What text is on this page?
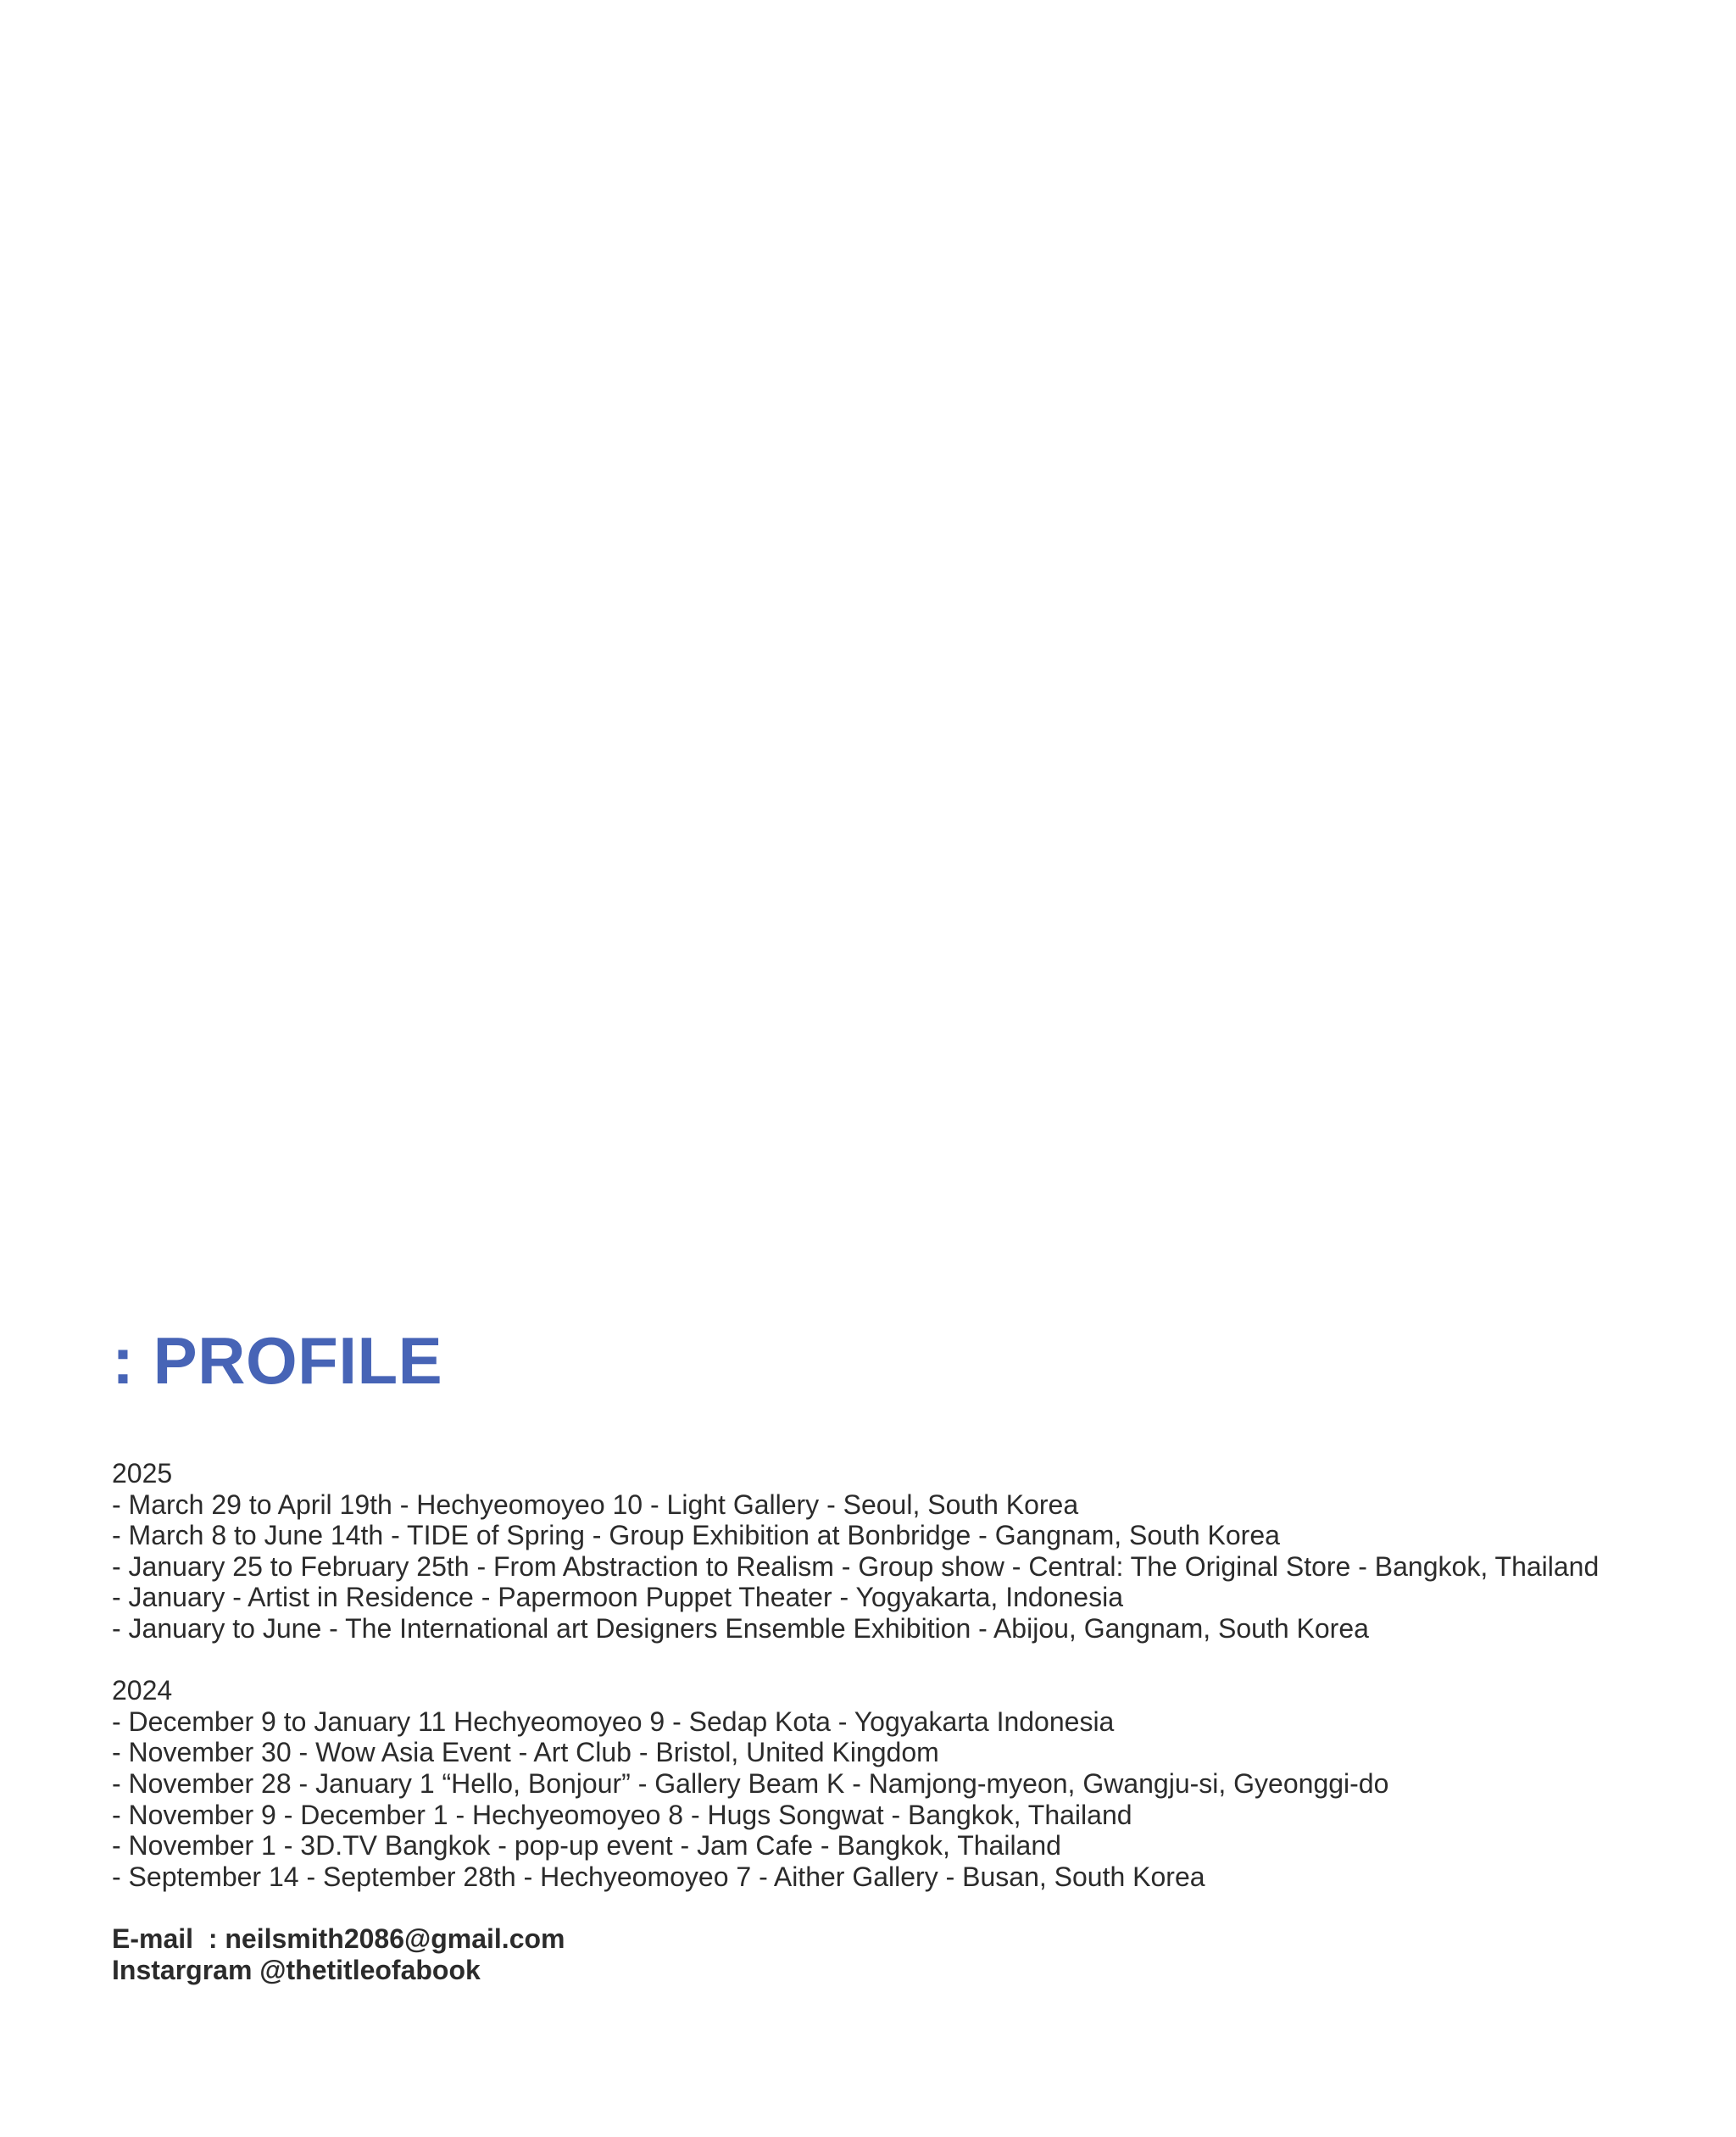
: PROFILE
2025
- March 29 to April 19th - Hechyeomoyeo 10 - Light Gallery - Seoul, South Korea
- March 8 to June 14th - TIDE of Spring - Group Exhibition at Bonbridge - Gangnam, South Korea
- January 25 to February 25th - From Abstraction to Realism - Group show - Central: The Original Store - Bangkok, Thailand
- January - Artist in Residence - Papermoon Puppet Theater - Yogyakarta, Indonesia
- January to June - The International art Designers Ensemble Exhibition - Abijou, Gangnam, South Korea
2024
- December 9 to January 11 Hechyeomoyeo 9 - Sedap Kota - Yogyakarta Indonesia
- November 30 - Wow Asia Event - Art Club - Bristol, United Kingdom
- November 28 - January 1 “Hello, Bonjour” - Gallery Beam K - Namjong-myeon, Gwangju-si, Gyeonggi-do
- November 9 - December 1 - Hechyeomoyeo 8 - Hugs Songwat - Bangkok, Thailand
- November 1 - 3D.TV Bangkok - pop-up event - Jam Cafe - Bangkok, Thailand
- September 14 - September 28th - Hechyeomoyeo 7 - Aither Gallery - Busan, South Korea
E-mail  : neilsmith2086@gmail.com
Instargram @thetitleofabook
